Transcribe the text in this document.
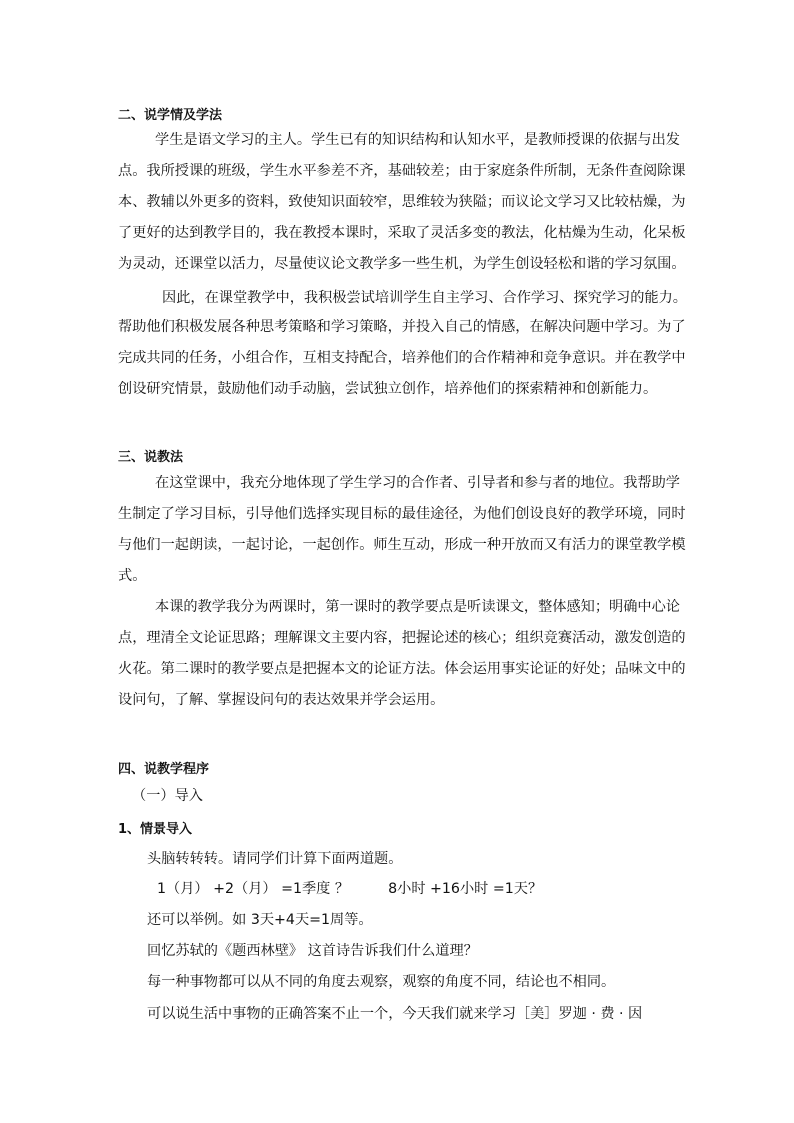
二、说学情及学法
学生是语文学习的主人。学生已有的知识结构和认知水平，是教师授课的依据与出发
点。我所授课的班级，学生水平参差不齐，基础较差；由于家庭条件所制，无条件查阅除课
本、教辅以外更多的资料，致使知识面较窄，思维较为狭隘；而议论文学习又比较枯燥，为
了更好的达到教学目的，我在教授本课时，采取了灵活多变的教法，化枯燥为生动，化呆板
为灵动，还课堂以活力，尽量使议论文教学多一些生机，为学生创设轻松和谐的学习氛围。
因此，在课堂教学中，我积极尝试培训学生自主学习、合作学习、探究学习的能力。
帮助他们积极发展各种思考策略和学习策略，并投入自己的情感，在解决问题中学习。为了
完成共同的任务，小组合作，互相支持配合，培养他们的合作精神和竞争意识。并在教学中
创设研究情景，鼓励他们动手动脑，尝试独立创作，培养他们的探索精神和创新能力。
三、说教法
在这堂课中，我充分地体现了学生学习的合作者、引导者和参与者的地位。我帮助学
生制定了学习目标，引导他们选择实现目标的最佳途径，为他们创设良好的教学环境，同时
与他们一起朗读，一起讨论，一起创作。师生互动，形成一种开放而又有活力的课堂教学模
式。
本课的教学我分为两课时，第一课时的教学要点是听读课文，整体感知；明确中心论
点，理清全文论证思路；理解课文主要内容，把握论述的核心；组织竞赛活动，激发创造的
火花。第二课时的教学要点是把握本文的论证方法。体会运用事实论证的好处；品味文中的
设问句，了解、掌握设问句的表达效果并学会运用。
四、说教学程序
（一）导入
1、情景导入
头脑转转转。请同学们计算下面两道题。
1（月） +2（月） =1季度 ？	8小时 +16小时 =1天？
还可以举例。如 3天+4天=1周等。
回忆苏轼的《题西林壁》 这首诗告诉我们什么道理？
每一种事物都可以从不同的角度去观察，观察的角度不同，结论也不相同。
可以说生活中事物的正确答案不止一个，今天我们就来学习［美］罗迦 · 费 · 因
